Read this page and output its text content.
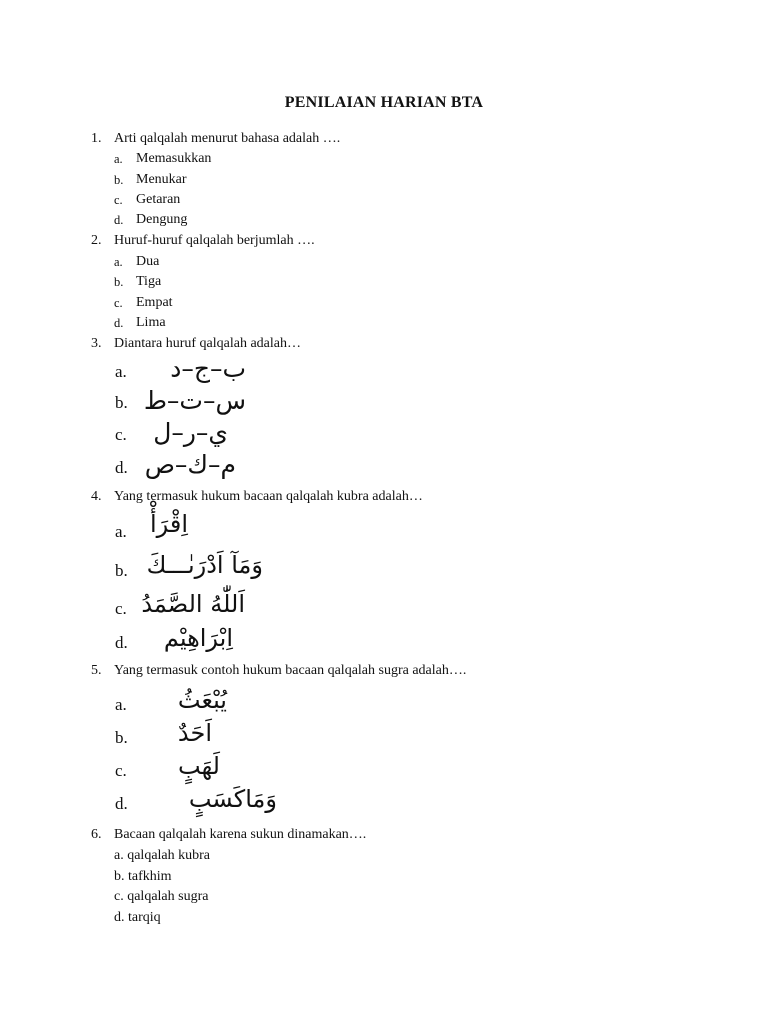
PENILAIAN HARIAN BTA
1. Arti qalqalah menurut bahasa adalah ….
a. Memasukkan
b. Menukar
c. Getaran
d. Dengung
2. Huruf-huruf qalqalah berjumlah ….
a. Dua
b. Tiga
c. Empat
d. Lima
3. Diantara huruf qalqalah adalah…
a.	ب–ج–د
b. س–ت–ط
c.	ي–ر–ل
d. م–ك–ص
4. Yang termasuk hukum bacaan qalqalah kubra adalah…
a. اِقْرَأْ
b. وَمَآ اَدْرَىٰـــكَ
c. اَللّٰهُ الصَّمَدُ
d.	اِبْرَاهِيْم
5. Yang termasuk contoh hukum bacaan qalqalah sugra adalah….
a.	يُبْعَثُ
b.	اَحَدٌ
c.	لَهَبٍ
d.	وَمَاكَسَبٍ
6. Bacaan qalqalah karena sukun dinamakan….
a. qalqalah kubra
b. tafkhim
c. qalqalah sugra
d. tarqiq
